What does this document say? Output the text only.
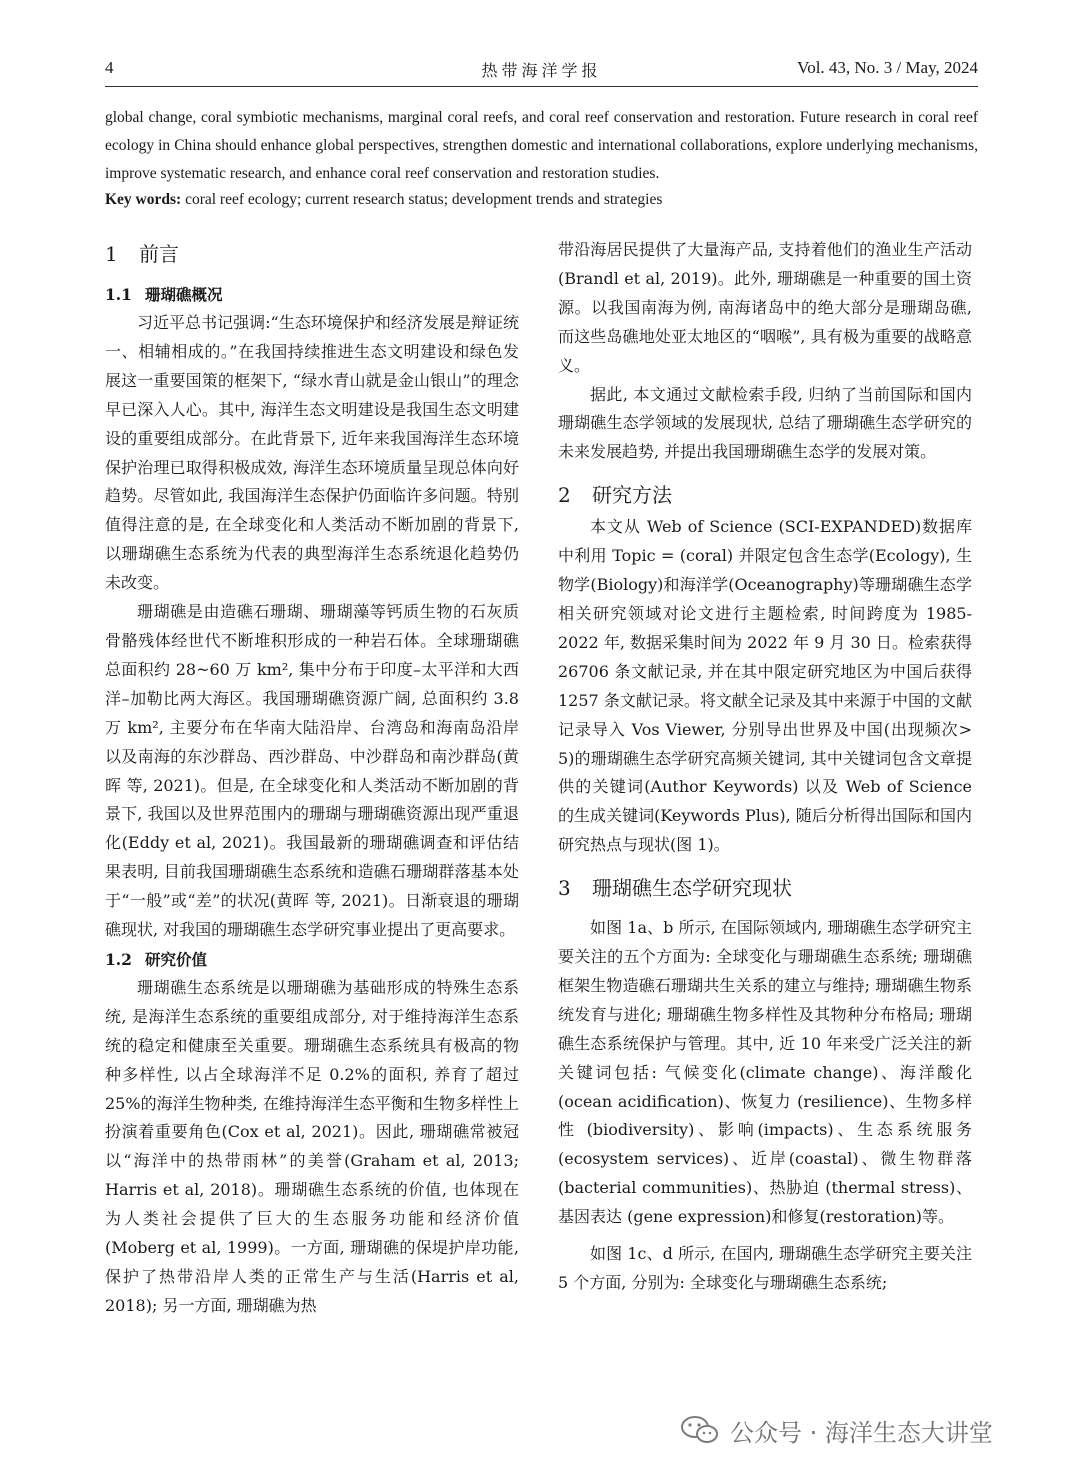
4	热带海洋学报	Vol. 43, No. 3 / May, 2024

global change, coral symbiotic mechanisms, marginal coral reefs, and coral reef conservation and restoration. Future research in coral reef ecology in China should enhance global perspectives, strengthen domestic and international collaborations, explore underlying mechanisms, improve systematic research, and enhance coral reef conservation and restoration studies.

Key words: coral reef ecology; current research status; development trends and strategies

1 前言
1.1 珊瑚礁概况

习近平总书记强调:“生态环境保护和经济发展是辩证统一、相辅相成的。”在我国持续推进生态文明建设和绿色发展这一重要国策的框架下, “绿水青山就是金山银山”的理念早已深入人心。其中, 海洋生态文明建设是我国生态文明建设的重要组成部分。在此背景下, 近年来我国海洋生态环境保护治理已取得积极成效, 海洋生态环境质量呈现总体向好趋势。尽管如此, 我国海洋生态保护仍面临许多问题。特别值得注意的是, 在全球变化和人类活动不断加剧的背景下, 以珊瑚礁生态系统为代表的典型海洋生态系统退化趋势仍未改变。

珊瑚礁是由造礁石珊瑚、珊瑚藻等钙质生物的石灰质骨骼残体经世代不断堆积形成的一种岩石体。全球珊瑚礁总面积约 28~60 万 km², 集中分布于印度–太平洋和大西洋–加勒比两大海区。我国珊瑚礁资源广阔, 总面积约 3.8 万 km², 主要分布在华南大陆沿岸、台湾岛和海南岛沿岸以及南海的东沙群岛、西沙群岛、中沙群岛和南沙群岛(黄晖 等, 2021)。但是, 在全球变化和人类活动不断加剧的背景下, 我国以及世界范围内的珊瑚与珊瑚礁资源出现严重退化(Eddy et al, 2021)。我国最新的珊瑚礁调查和评估结果表明, 目前我国珊瑚礁生态系统和造礁石珊瑚群落基本处于“一般”或“差”的状况(黄晖 等, 2021)。日渐衰退的珊瑚礁现状, 对我国的珊瑚礁生态学研究事业提出了更高要求。

1.2 研究价值

珊瑚礁生态系统是以珊瑚礁为基础形成的特殊生态系统, 是海洋生态系统的重要组成部分, 对于维持海洋生态系统的稳定和健康至关重要。珊瑚礁生态系统具有极高的物种多样性, 以占全球海洋不足 0.2%的面积, 养育了超过 25%的海洋生物种类, 在维持海洋生态平衡和生物多样性上扮演着重要角色(Cox et al, 2021)。因此, 珊瑚礁常被冠以“海洋中的热带雨林”的美誉(Graham et al, 2013; Harris et al, 2018)。珊瑚礁生态系统的价值, 也体现在为人类社会提供了巨大的生态服务功能和经济价值(Moberg et al, 1999)。一方面, 珊瑚礁的保堤护岸功能, 保护了热带沿岸人类的正常生产与生活(Harris et al, 2018); 另一方面, 珊瑚礁为热

带沿海居民提供了大量海产品, 支持着他们的渔业生产活动(Brandl et al, 2019)。此外, 珊瑚礁是一种重要的国土资源。以我国南海为例, 南海诸岛中的绝大部分是珊瑚岛礁, 而这些岛礁地处亚太地区的“咽喉”, 具有极为重要的战略意义。

据此, 本文通过文献检索手段, 归纳了当前国际和国内珊瑚礁生态学领域的发展现状, 总结了珊瑚礁生态学研究的未来发展趋势, 并提出我国珊瑚礁生态学的发展对策。

2 研究方法

本文从 Web of Science (SCI-EXPANDED)数据库中利用 Topic = (coral) 并限定包含生态学(Ecology), 生物学(Biology)和海洋学(Oceanography)等珊瑚礁生态学相关研究领域对论文进行主题检索, 时间跨度为 1985-2022 年, 数据采集时间为 2022 年 9 月 30 日。检索获得 26706 条文献记录, 并在其中限定研究地区为中国后获得 1257 条文献记录。将文献全记录及其中来源于中国的文献记录导入 Vos Viewer, 分别导出世界及中国(出现频次> 5)的珊瑚礁生态学研究高频关键词, 其中关键词包含文章提供的关键词(Author Keywords) 以及 Web of Science 的生成关键词(Keywords Plus), 随后分析得出国际和国内研究热点与现状(图 1)。

3 珊瑚礁生态学研究现状

如图 1a、b 所示, 在国际领域内, 珊瑚礁生态学研究主要关注的五个方面为: 全球变化与珊瑚礁生态系统; 珊瑚礁框架生物造礁石珊瑚共生关系的建立与维持; 珊瑚礁生物系统发育与进化; 珊瑚礁生物多样性及其物种分布格局; 珊瑚礁生态系统保护与管理。其中, 近 10 年来受广泛关注的新关键词包括: 气候变化(climate change)、海洋酸化 (ocean acidification)、恢复力 (resilience)、生物多样性 (biodiversity)、影响(impacts)、生态系统服务 (ecosystem services)、近岸(coastal)、微生物群落 (bacterial communities)、热胁迫 (thermal stress)、基因表达 (gene expression)和修复(restoration)等。

如图 1c、d 所示, 在国内, 珊瑚礁生态学研究主要关注 5 个方面, 分别为: 全球变化与珊瑚礁生态系统;

公众号 · 海洋生态大讲堂
